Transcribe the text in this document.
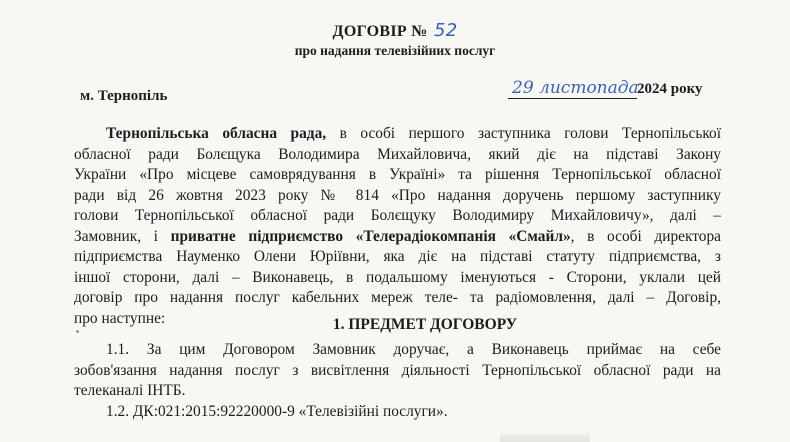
ДОГОВІР № 52
про надання телевізійних послуг
м. Тернопіль	29 листопада2024 року
Тернопільська обласна рада, в особі першого заступника голови Тернопільської
обласної ради Болєщука Володимира Михайловича, який діє на підставі Закону
України «Про місцеве самоврядування в Україні» та рішення Тернопільської обласної
ради від 26 жовтня 2023 року № 814 «Про надання доручень першому заступнику
голови Тернопільської обласної ради Болєщуку Володимиру Михайловичу», далі –
Замовник, і приватне підприємство «Телерадіокомпанія «Смайл», в особі директора
підприємства Науменко Олени Юріївни, яка діє на підставі статуту підприємства, з
іншої сторони, далі – Виконавець, в подальшому іменуються - Сторони, уклали цей
договір про надання послуг кабельних мереж теле- та радіомовлення, далі – Договір,
про наступне:	1. ПРЕДМЕТ ДОГОВОРУ
1.1. За цим Договором Замовник доручає, а Виконавець приймає на себе
зобов'язання надання послуг з висвітлення діяльності Тернопільської обласної ради на
телеканалі ІНТБ.
1.2. ДК:021:2015:92220000-9 «Телевізійні послуги».
